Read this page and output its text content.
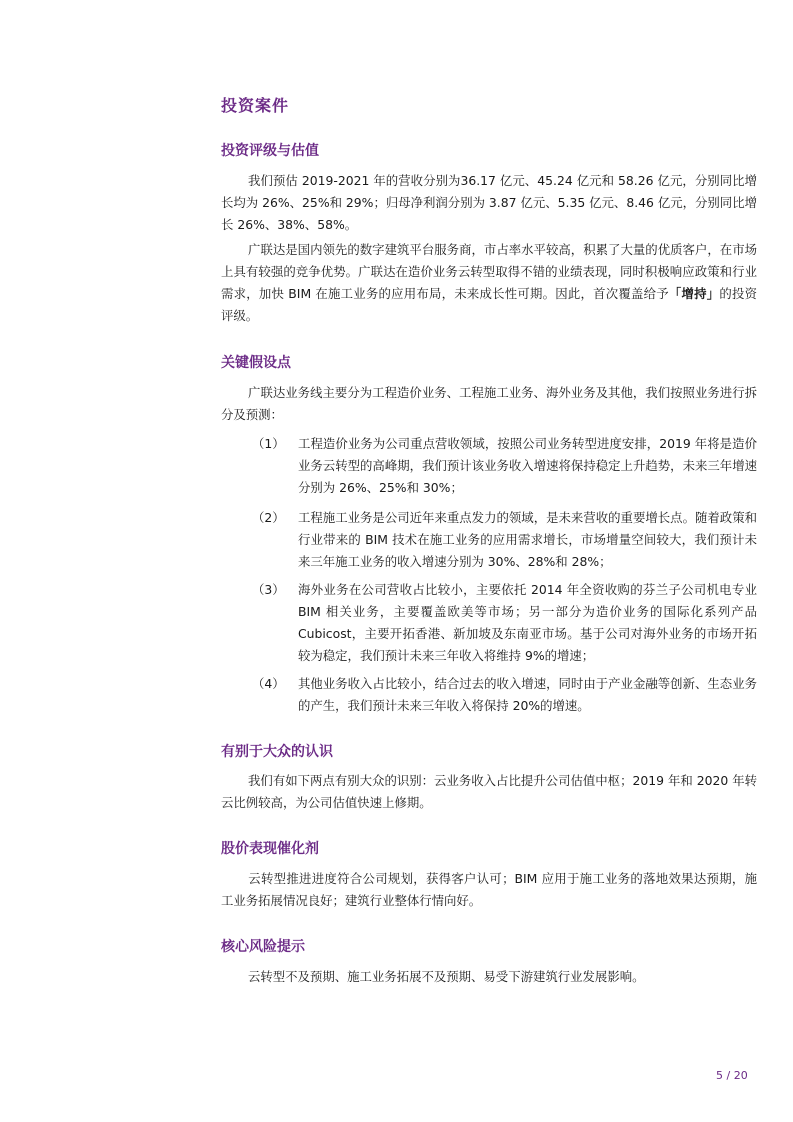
投资案件
投资评级与估值
我们预估 2019-2021 年的营收分别为36.17 亿元、45.24 亿元和 58.26 亿元，分别同比增长均为 26%、25%和 29%；归母净利润分别为 3.87 亿元、5.35 亿元、8.46 亿元，分别同比增长 26%、38%、58%。
广联达是国内领先的数字建筑平台服务商，市占率水平较高，积累了大量的优质客户，在市场上具有较强的竞争优势。广联达在造价业务云转型取得不错的业绩表现，同时积极响应政策和行业需求，加快 BIM 在施工业务的应用布局，未来成长性可期。因此，首次覆盖给予「增持」的投资评级。
关键假设点
广联达业务线主要分为工程造价业务、工程施工业务、海外业务及其他，我们按照业务进行拆分及预测：
（1）	工程造价业务为公司重点营收领域，按照公司业务转型进度安排，2019 年将是造价业务云转型的高峰期，我们预计该业务收入增速将保持稳定上升趋势，未来三年增速分别为 26%、25%和 30%；
（2）	工程施工业务是公司近年来重点发力的领域，是未来营收的重要增长点。随着政策和行业带来的 BIM 技术在施工业务的应用需求增长，市场增量空间较大，我们预计未来三年施工业务的收入增速分别为 30%、28%和 28%；
（3）	海外业务在公司营收占比较小，主要依托 2014 年全资收购的芬兰子公司机电专业 BIM 相关业务，主要覆盖欧美等市场；另一部分为造价业务的国际化系列产品 Cubicost，主要开拓香港、新加坡及东南亚市场。基于公司对海外业务的市场开拓较为稳定，我们预计未来三年收入将维持 9%的增速；
（4）	其他业务收入占比较小，结合过去的收入增速，同时由于产业金融等创新、生态业务的产生，我们预计未来三年收入将保持 20%的增速。
有别于大众的认识
我们有如下两点有别大众的识别：云业务收入占比提升公司估值中枢；2019 年和 2020 年转云比例较高，为公司估值快速上修期。
股价表现催化剂
云转型推进进度符合公司规划，获得客户认可；BIM 应用于施工业务的落地效果达预期，施工业务拓展情况良好；建筑行业整体行情向好。
核心风险提示
云转型不及预期、施工业务拓展不及预期、易受下游建筑行业发展影响。
5 / 20
